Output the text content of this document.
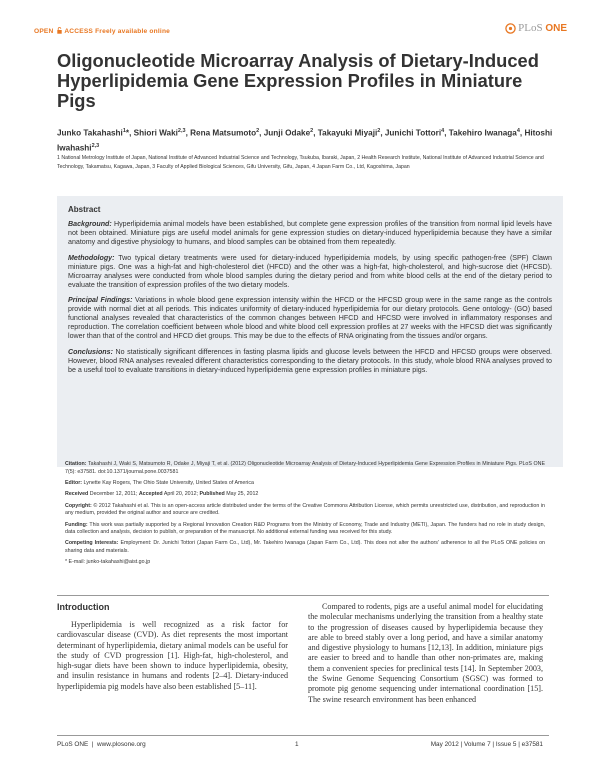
OPEN ACCESS Freely available online	PLoS ONE
Oligonucleotide Microarray Analysis of Dietary-Induced Hyperlipidemia Gene Expression Profiles in Miniature Pigs
Junko Takahashi$^1$*, Shiori Waki$^{2,3}$, Rena Matsumoto$^2$, Junji Odake$^2$, Takayuki Miyaji$^2$, Junichi Tottori$^4$, Takehiro Iwanaga$^4$, Hitoshi Iwahashi$^{2,3}$
1 National Metrology Institute of Japan, National Institute of Advanced Industrial Science and Technology, Tsukuba, Ibaraki, Japan, 2 Health Research Institute, National Institute of Advanced Industrial Science and Technology, Takamatsu, Kagawa, Japan, 3 Faculty of Applied Biological Sciences, Gifu University, Gifu, Japan, 4 Japan Farm Co., Ltd, Kagoshima, Japan
Abstract

Background: Hyperlipidemia animal models have been established, but complete gene expression profiles of the transition from normal lipid levels have not been obtained. Miniature pigs are useful model animals for gene expression studies on dietary-induced hyperlipidemia because they have a similar anatomy and digestive physiology to humans, and blood samples can be obtained from them repeatedly.

Methodology: Two typical dietary treatments were used for dietary-induced hyperlipidemia models, by using specific pathogen-free (SPF) Clawn miniature pigs. One was a high-fat and high-cholesterol diet (HFCD) and the other was a high-fat, high-cholesterol, and high-sucrose diet (HFCSD). Microarray analyses were conducted from whole blood samples during the dietary period and from white blood cells at the end of the dietary period to evaluate the transition of expression profiles of the two dietary models.

Principal Findings: Variations in whole blood gene expression intensity within the HFCD or the HFCSD group were in the same range as the controls provide with normal diet at all periods. This indicates uniformity of dietary-induced hyperlipidemia for our dietary protocols. Gene ontology- (GO) based functional analyses revealed that characteristics of the common changes between HFCD and HFCSD were involved in inflammatory responses and reproduction. The correlation coefficient between whole blood and white blood cell expression profiles at 27 weeks with the HFCSD diet was significantly lower than that of the control and HFCD diet groups. This may be due to the effects of RNA originating from the tissues and/or organs.

Conclusions: No statistically significant differences in fasting plasma lipids and glucose levels between the HFCD and HFCSD groups were observed. However, blood RNA analyses revealed different characteristics corresponding to the dietary protocols. In this study, whole blood RNA analyses proved to be a useful tool to evaluate transitions in dietary-induced hyperlipidemia gene expression profiles in miniature pigs.

Citation: Takahashi J, Waki S, Matsumoto R, Odake J, Miyaji T, et al. (2012) Oligonucleotide Microarray Analysis of Dietary-Induced Hyperlipidemia Gene Expression Profiles in Miniature Pigs. PLoS ONE 7(5): e37581. doi:10.1371/journal.pone.0037581

Editor: Lynette Kay Rogers, The Ohio State University, United States of America

Received December 12, 2011; Accepted April 20, 2012; Published May 25, 2012

Copyright: © 2012 Takahashi et al. This is an open-access article distributed under the terms of the Creative Commons Attribution License, which permits unrestricted use, distribution, and reproduction in any medium, provided the original author and source are credited.

Funding: This work was partially supported by a Regional Innovation Creation R&D Programs from the Ministry of Economy, Trade and Industry (METI), Japan. The funders had no role in study design, data collection and analysis, decision to publish, or preparation of the manuscript. No additional external funding was received for this study.

Competing Interests: Employment: Dr. Junichi Tottori (Japan Farm Co., Ltd), Mr. Takehiro Iwanaga (Japan Farm Co., Ltd). This does not alter the authors' adherence to all the PLoS ONE policies on sharing data and materials.

* E-mail: junko-takahashi@aist.go.jp

Introduction
Hyperlipidemia is well recognized as a risk factor for cardiovascular disease (CVD). As diet represents the most important determinant of hyperlipidemia, dietary animal models can be useful for the study of CVD progression [1]. High-fat, high-cholesterol, and high-sugar diets have been shown to induce hyperlipidemia, obesity, and insulin resistance in humans and rodents [2–4]. Dietary-induced hyperlipidemia pig models have also been established [5–11].
Compared to rodents, pigs are a useful animal model for elucidating the molecular mechanisms underlying the transition from a healthy state to the progression of diseases caused by hyperlipidemia because they are able to breed stably over a long period, and have a similar anatomy and digestive physiology to humans [12,13]. In addition, miniature pigs are easier to breed and to handle than other non-primates are, making them a convenient species for preclinical tests [14]. In September 2003, the Swine Genome Sequencing Consortium (SGSC) was formed to promote pig genome sequencing under international coordination [15]. The swine research environment has been enhanced
PLoS ONE  |  www.plosone.org	1	May 2012 | Volume 7 | Issue 5 | e37581
